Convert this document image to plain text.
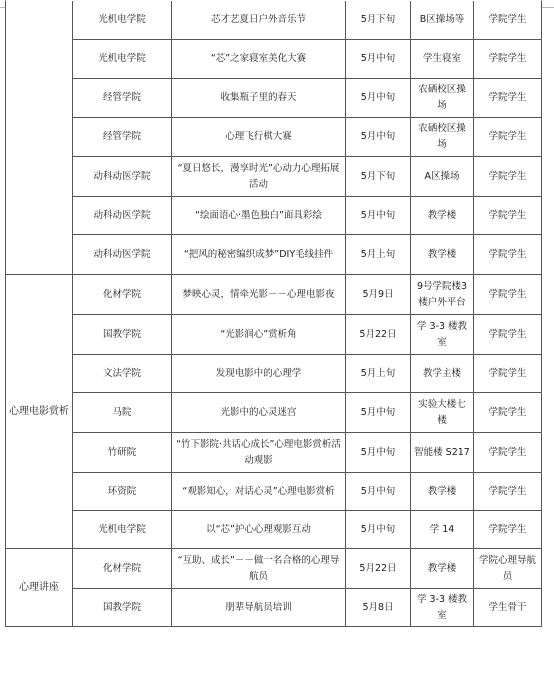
	光机电学院	芯才艺夏日户外音乐节	5月下旬	B区操场等	学院学生
	光机电学院	“芯”之家寝室美化大赛	5月中旬	学生寝室	学院学生
	经管学院	收集瓶子里的春天	5月中旬	农硒校区操场	学院学生
	经管学院	心理飞行棋大赛	5月中旬	农硒校区操场	学院学生
	动科动医学院	“夏日悠长，漫享时光”心动力心理拓展活动	5月下旬	A区操场	学院学生
	动科动医学院	“绘面语心·墨色独白”面具彩绘	5月中旬	教学楼	学院学生
	动科动医学院	“把风的秘密编织成梦”DIY毛线挂件	5月上旬	教学楼	学院学生
心理电影赏析	化材学院	梦映心灵，情牵光影－－心理电影夜	5月9日	9号学院楼3楼户外平台	学院学生
	国教学院	“光影润心”赏析角	5月22日	学 3-3 楼教室	学院学生
	文法学院	发现电影中的心理学	5月上旬	教学主楼	学院学生
	马院	光影中的心灵迷宫	5月中旬	实验大楼七楼	学院学生
	竹研院	“竹下影院·共话心成长”心理电影赏析活动观影	5月中旬	智能楼 S217	学院学生
	环资院	“观影知心，对话心灵”心理电影赏析	5月中旬	教学楼	学院学生
	光机电学院	以“芯”护心心理观影互动	5月中旬	学 14	学院学生
心理讲座	化材学院	“互助、成长”－－做一名合格的心理导航员	5月22日	教学楼	学院心理导航员
	国教学院	朋辈导航员培训	5月8日	学 3-3 楼教室	学生骨干
